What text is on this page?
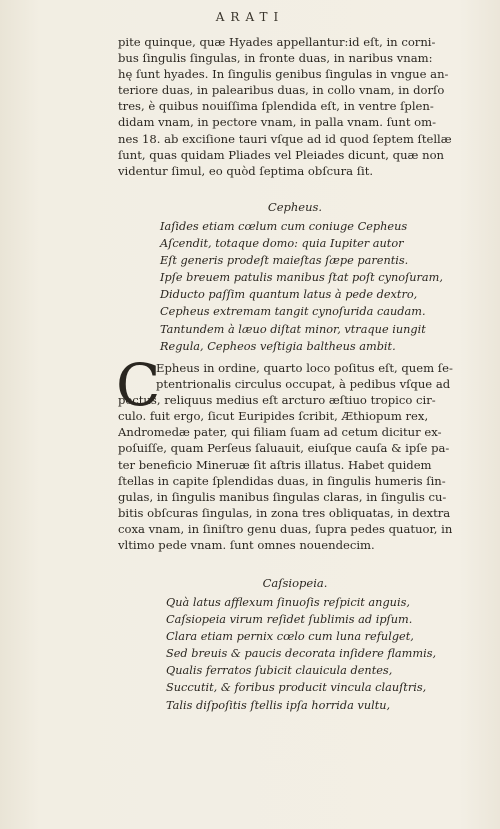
ARATI
pite quinque, quæ Hyades appellantur:id eſt, in corni-
bus ſingulis ſingulas, in fronte duas, in naribus vnam:
hę ſunt hyades. In ſingulis genibus ſingulas in vngue an-
teriore duas, in palearibus duas, in collo vnam, in dorſo
tres, è quibus nouiſſima ſplendida eſt, in ventre ſplen-
didam vnam, in pectore vnam, in palla vnam. ſunt om-
nes 18. ab exciſione tauri vſque ad id quod ſeptem ſtellæ
ſunt, quas quidam Pliades vel Pleiades dicunt, quæ non
videntur ſimul, eo quòd ſeptima obſcura ſit.
Cepheus.
Iaſides etiam cœlum cum coniuge Cepheus
Aſcendit, totaque domo: quia Iupiter autor
Eſt generis prodeſt maieſtas ſæpe parentis.
Ipſe breuem patulis manibus ſtat poſt cynoſuram,
Diducto paſſim quantum latus à pede dextro,
Cepheus extremam tangit cynoſurida caudam.
Tantundem à læuo diſtat minor, vtraque iungit
Regula, Cepheos veſtigia baltheus ambit.
C
Epheus in ordine, quarto loco poſitus eſt, quem ſe-
ptentrionalis circulus occupat, à pedibus vſque ad
pectus, reliquus medius eſt arcturo æſtiuo tropico cir-
culo. fuit ergo, ſicut Euripides ſcribit, Æthiopum rex,
Andromedæ pater, qui filiam ſuam ad cetum dicitur ex-
poſuiſſe, quam Perſeus ſaluauit, eiuſque cauſa & ipſe pa-
ter beneficio Mineruæ ſit aſtris illatus. Habet quidem
ſtellas in capite ſplendidas duas, in ſingulis humeris ſin-
gulas, in ſingulis manibus ſingulas claras, in ſingulis cu-
bitis obſcuras ſingulas, in zona tres obliquatas, in dextra
coxa vnam, in ſiniſtro genu duas, ſupra pedes quatuor, in
vltimo pede vnam. ſunt omnes nouendecim.
Caſsiopeia.
Quà latus afflexum ſinuoſis reſpicit anguis,
Caſsiopeia virum reſidet ſublimis ad ipſum.
Clara etiam pernix cœlo cum luna refulget,
Sed breuis & paucis decorata inſidere flammis,
Qualis ferratos ſubicit clauicula dentes,
Succutit, & foribus producit vincula clauſtris,
Talis diſpoſitis ſtellis ipſa horrida vultu,
